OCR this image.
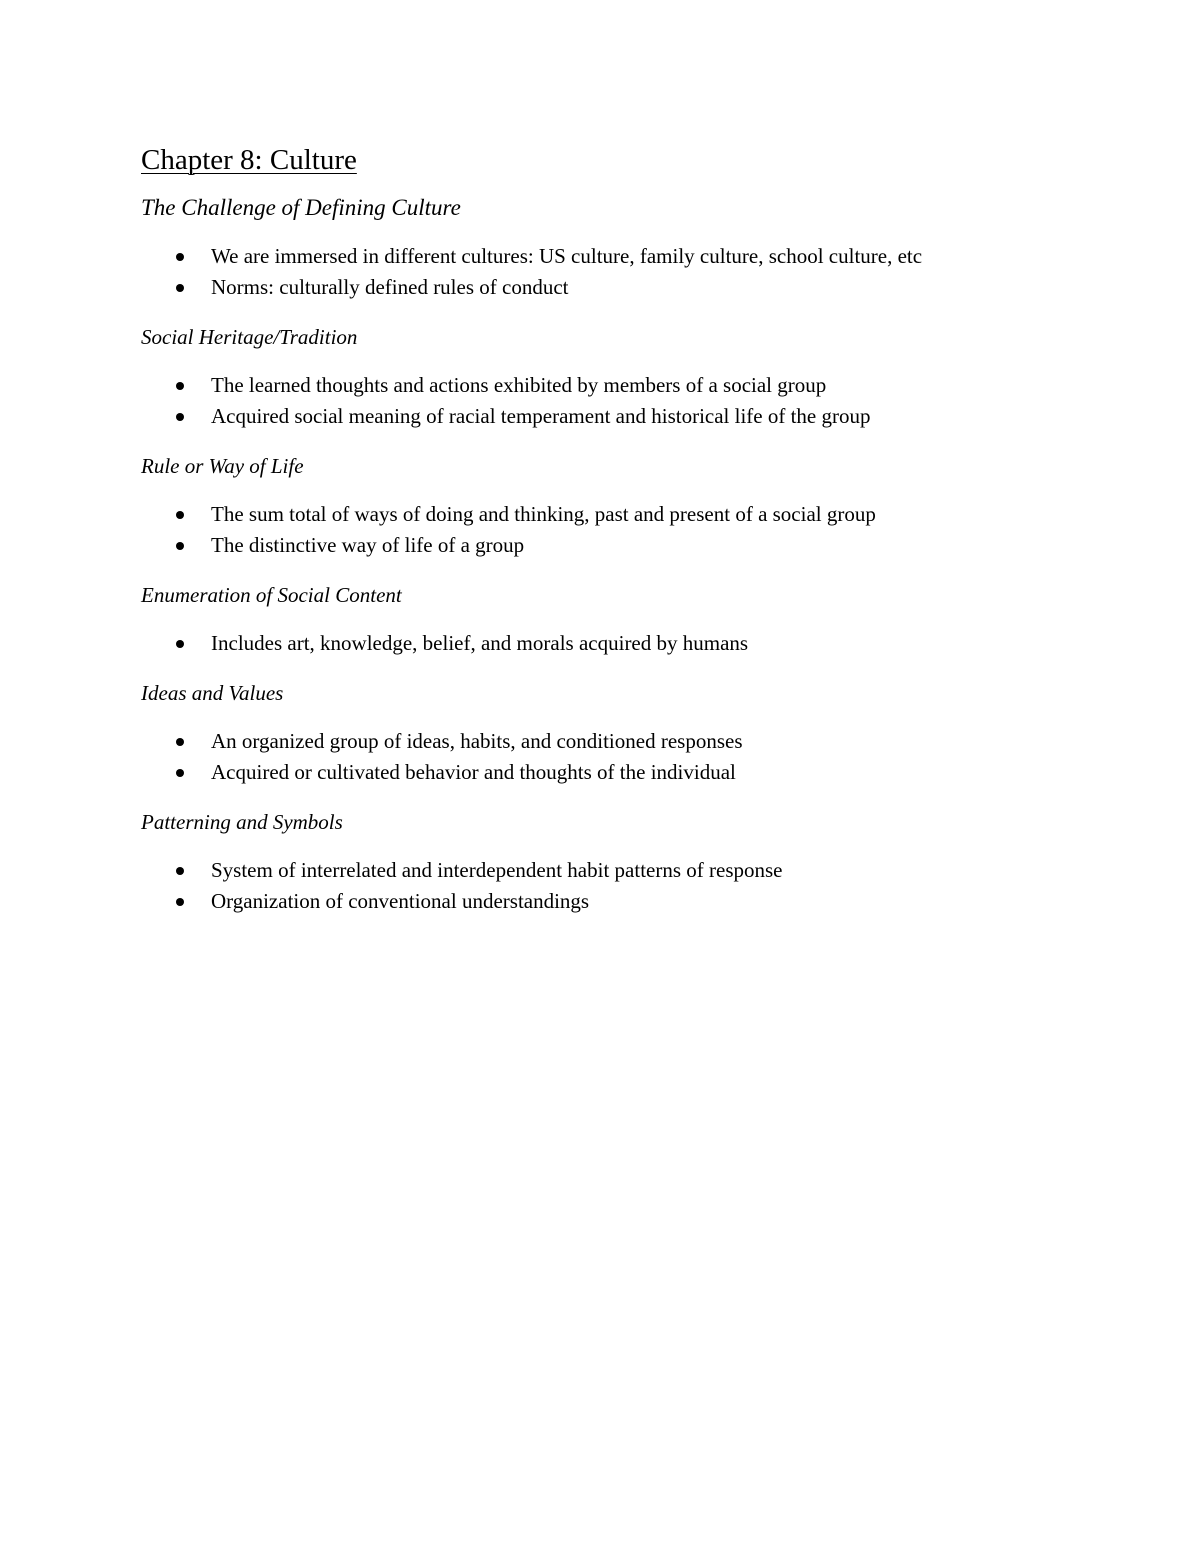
Chapter 8: Culture
The Challenge of Defining Culture
We are immersed in different cultures: US culture, family culture, school culture, etc
Norms: culturally defined rules of conduct
Social Heritage/Tradition
The learned thoughts and actions exhibited by members of a social group
Acquired social meaning of racial temperament and historical life of the group
Rule or Way of Life
The sum total of ways of doing and thinking, past and present of a social group
The distinctive way of life of a group
Enumeration of Social Content
Includes art, knowledge, belief, and morals acquired by humans
Ideas and Values
An organized group of ideas, habits, and conditioned responses
Acquired or cultivated behavior and thoughts of the individual
Patterning and Symbols
System of interrelated and interdependent habit patterns of response
Organization of conventional understandings
